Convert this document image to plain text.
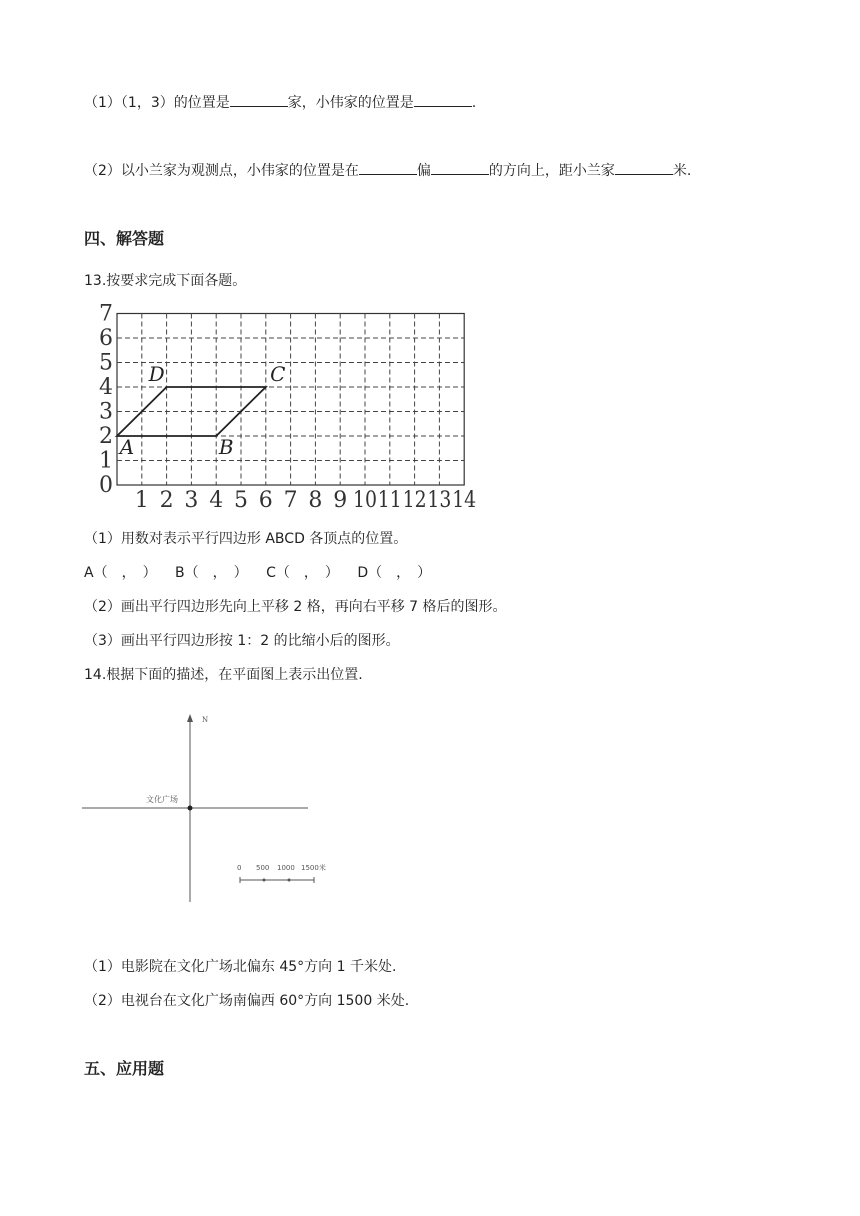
（1）（1，3）的位置是	家，小伟家的位置是	.
（2）以小兰家为观测点，小伟家的位置是在	偏	的方向上，距小兰家	米.
四、解答题
13.按要求完成下面各题。
1 2 3 4 5 6 7 8 9 10 11 12 13 14
0
1
2
3
4
5
6
7
A	B
C
D
（1）用数对表示平行四边形 ABCD 各顶点的位置。
A（　，　） B（　，　） C（　，　） D（　，　）
（2）画出平行四边形先向上平移 2 格，再向右平移 7 格后的图形。
（3）画出平行四边形按 1：2 的比缩小后的图形。
14.根据下面的描述，在平面图上表示出位置.
N
文化广场
0 500 1000 1500米
（1）电影院在文化广场北偏东 45°方向 1 千米处.
（2）电视台在文化广场南偏西 60°方向 1500 米处.
五、应用题
